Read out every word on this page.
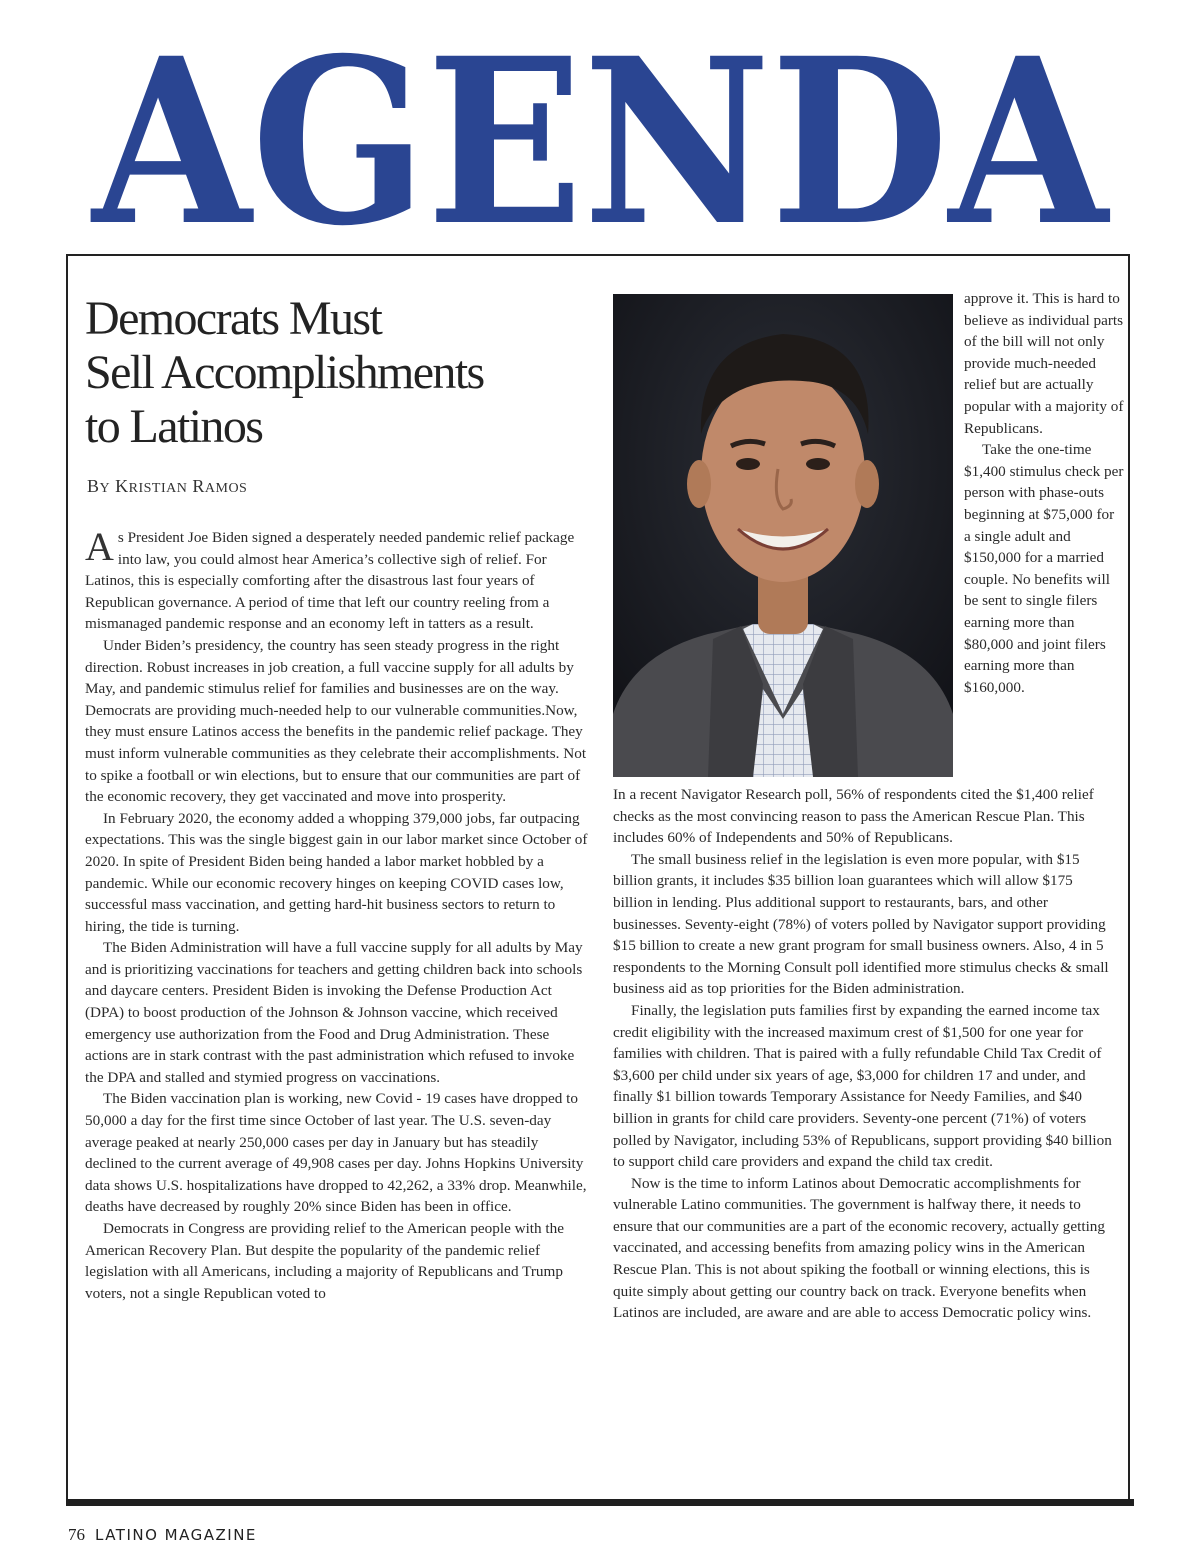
AGENDA
Democrats Must
Sell Accomplishments
to Latinos
BY KRISTIAN RAMOS

As President Joe Biden signed a desperately needed pandemic relief package into law, you could almost hear America’s collective sigh of relief. For Latinos, this is especially comforting after the disastrous last four years of Republican governance. A period of time that left our country reeling from a mismanaged pandemic response and an economy left in tatters as a result.

Under Biden’s presidency, the country has seen steady progress in the right direction. Robust increases in job creation, a full vaccine supply for all adults by May, and pandemic stimulus relief for families and businesses are on the way. Democrats are providing much-needed help to our vulnerable communities.Now, they must ensure Latinos access the benefits in the pandemic relief package. They must inform vulnerable communities as they celebrate their accomplishments. Not to spike a football or win elections, but to ensure that our communities are part of the economic recovery, they get vaccinated and move into prosperity.

In February 2020, the economy added a whopping 379,000 jobs, far outpacing expectations. This was the single biggest gain in our labor market since October of 2020. In spite of President Biden being handed a labor market hobbled by a pandemic. While our economic recovery hinges on keeping COVID cases low, successful mass vaccination, and getting hard-hit business sectors to return to hiring, the tide is turning.

The Biden Administration will have a full vaccine supply for all adults by May and is prioritizing vaccinations for teachers and getting children back into schools and daycare centers. President Biden is invoking the Defense Production Act (DPA) to boost production of the Johnson & Johnson vaccine, which received emergency use authorization from the Food and Drug Administration. These actions are in stark contrast with the past administration which refused to invoke the DPA and stalled and stymied progress on vaccinations.

The Biden vaccination plan is working, new Covid - 19 cases have dropped to 50,000 a day for the first time since October of last year. The U.S. seven-day average peaked at nearly 250,000 cases per day in January but has steadily declined to the current average of 49,908 cases per day. Johns Hopkins University data shows U.S. hospitalizations have dropped to 42,262, a 33% drop. Meanwhile, deaths have decreased by roughly 20% since Biden has been in office.

Democrats in Congress are providing relief to the American people with the American Recovery Plan. But despite the popularity of the pandemic relief legislation with all Americans, including a majority of Republicans and Trump voters, not a single Republican voted to

approve it. This is hard to believe as individual parts of the bill will not only provide much-needed relief but are actually popular with a majority of Republicans.

Take the one-time $1,400 stimulus check per person with phase-outs beginning at $75,000 for a single adult and $150,000 for a married couple. No benefits will be sent to single filers earning more than $80,000 and joint filers earning more than $160,000.

In a recent Navigator Research poll, 56% of respondents cited the $1,400 relief checks as the most convincing reason to pass the American Rescue Plan. This includes 60% of Independents and 50% of Republicans.

The small business relief in the legislation is even more popular, with $15 billion grants, it includes $35 billion loan guarantees which will allow $175 billion in lending. Plus additional support to restaurants, bars, and other businesses. Seventy-eight (78%) of voters polled by Navigator support providing $15 billion to create a new grant program for small business owners. Also, 4 in 5 respondents to the Morning Consult poll identified more stimulus checks & small business aid as top priorities for the Biden administration.

Finally, the legislation puts families first by expanding the earned income tax credit eligibility with the increased maximum crest of $1,500 for one year for families with children. That is paired with a fully refundable Child Tax Credit of $3,600 per child under six years of age, $3,000 for children 17 and under, and finally $1 billion towards Temporary Assistance for Needy Families, and $40 billion in grants for child care providers. Seventy-one percent (71%) of voters polled by Navigator, including 53% of Republicans, support providing $40 billion to support child care providers and expand the child tax credit.

Now is the time to inform Latinos about Democratic accomplishments for vulnerable Latino communities. The government is halfway there, it needs to ensure that our communities are a part of the economic recovery, actually getting vaccinated, and accessing benefits from amazing policy wins in the American Rescue Plan. This is not about spiking the football or winning elections, this is quite simply about getting our country back on track. Everyone benefits when Latinos are included, are aware and are able to access Democratic policy wins.

76 LATINO MAGAZINE
